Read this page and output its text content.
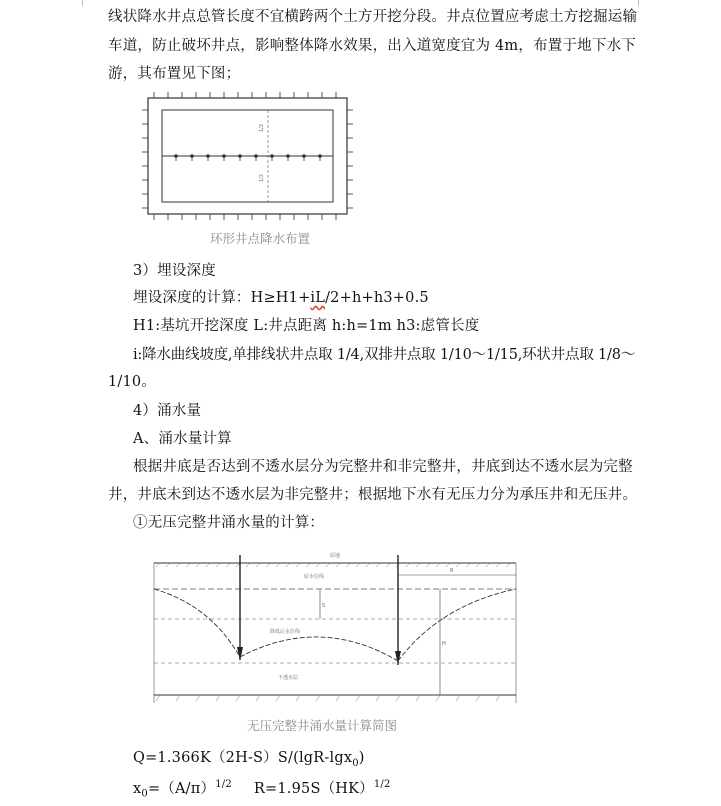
线状降水井点总管长度不宜横跨两个土方开挖分段。井点位置应考虑土方挖掘运输
车道，防止破坏井点，影响整体降水效果，出入道宽度宜为 4m，布置于地下水下
游，其布置见下图；
1/2
1/2
环形井点降水布置
3）埋设深度
埋设深度的计算：H≥H1+iL/2+h+h3+0.5
H1:基坑开挖深度 L:井点距离 h:h=1m h3:虑管长度
i:降水曲线坡度,单排线状井点取 1/4,双排井点取 1/10～1/15,环状井点取 1/8～
1/10。
4）涌水量
A、涌水量计算
根据井底是否达到不透水层分为完整井和非完整井，井底到达不透水层为完整
井，井底未到达不透水层为非完整井；根据地下水有无压力分为承压井和无压井。
①无压完整井涌水量的计算：
原地
原水位线
降低后水位线
不透水层
R
H
S
无压完整井涌水量计算简图
Q=1.366K（2H-S）S/(lgR-lgx$_0$)
$x_0=(A/\pi)^{1/2}$ R=1.95S（HK）$^{1/2}$
